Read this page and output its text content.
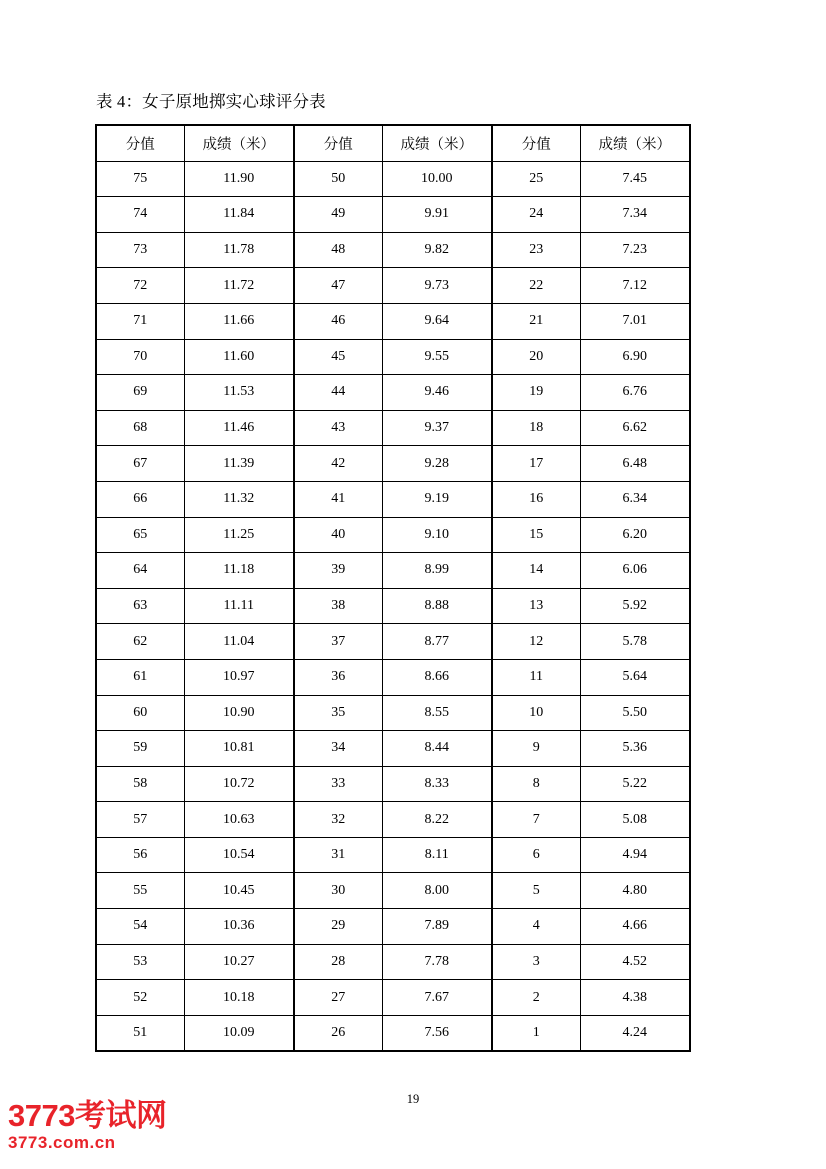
表 4：女子原地掷实心球评分表
分值	成绩（米）	分值	成绩（米）	分值	成绩（米）
75	11.90	50	10.00	25	7.45
74	11.84	49	9.91	24	7.34
73	11.78	48	9.82	23	7.23
72	11.72	47	9.73	22	7.12
71	11.66	46	9.64	21	7.01
70	11.60	45	9.55	20	6.90
69	11.53	44	9.46	19	6.76
68	11.46	43	9.37	18	6.62
67	11.39	42	9.28	17	6.48
66	11.32	41	9.19	16	6.34
65	11.25	40	9.10	15	6.20
64	11.18	39	8.99	14	6.06
63	11.11	38	8.88	13	5.92
62	11.04	37	8.77	12	5.78
61	10.97	36	8.66	11	5.64
60	10.90	35	8.55	10	5.50
59	10.81	34	8.44	9	5.36
58	10.72	33	8.33	8	5.22
57	10.63	32	8.22	7	5.08
56	10.54	31	8.11	6	4.94
55	10.45	30	8.00	5	4.80
54	10.36	29	7.89	4	4.66
53	10.27	28	7.78	3	4.52
52	10.18	27	7.67	2	4.38
51	10.09	26	7.56	1	4.24
19
3773考试网
3773.com.cn
